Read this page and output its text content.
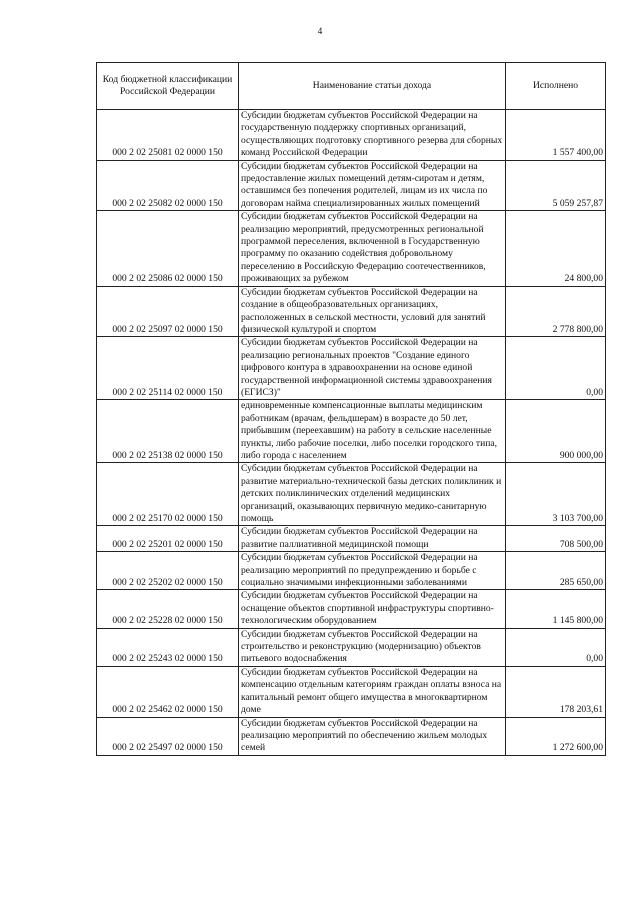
4
Код бюджетной классификации Российской Федерации	Наименование статьи дохода	Исполнено
000 2 02 25081 02 0000 150	Субсидии бюджетам субъектов Российской Федерации на государственную поддержку спортивных организаций, осуществляющих подготовку спортивного резерва для сборных команд Российской Федерации	1 557 400,00
000 2 02 25082 02 0000 150	Субсидии бюджетам субъектов Российской Федерации на предоставление жилых помещений детям-сиротам и детям, оставшимся без попечения родителей, лицам из их числа по договорам найма специализированных жилых помещений	5 059 257,87
000 2 02 25086 02 0000 150	Субсидии бюджетам субъектов Российской Федерации на реализацию мероприятий, предусмотренных региональной программой переселения, включенной в Государственную программу по оказанию содействия добровольному переселению в Российскую Федерацию соотечественников, проживающих за рубежом	24 800,00
000 2 02 25097 02 0000 150	Субсидии бюджетам субъектов Российской Федерации на создание в общеобразовательных организациях, расположенных в сельской местности, условий для занятий физической культурой и спортом	2 778 800,00
000 2 02 25114 02 0000 150	Субсидии бюджетам субъектов Российской Федерации на реализацию региональных проектов "Создание единого цифрового контура в здравоохранении на основе единой государственной информационной системы здравоохранения (ЕГИСЗ)"	0,00
000 2 02 25138 02 0000 150	единовременные компенсационные выплаты медицинским работникам (врачам, фельдшерам) в возрасте до 50 лет, прибывшим (переехавшим) на работу в сельские населенные пункты, либо рабочие поселки, либо поселки городского типа, либо города с населением	900 000,00
000 2 02 25170 02 0000 150	Субсидии бюджетам субъектов Российской Федерации на развитие материально-технической базы детских поликлиник и детских поликлинических отделений медицинских организаций, оказывающих первичную медико-санитарную помощь	3 103 700,00
000 2 02 25201 02 0000 150	Субсидии бюджетам субъектов Российской Федерации на развитие паллиативной медицинской помощи	708 500,00
000 2 02 25202 02 0000 150	Субсидии бюджетам субъектов Российской Федерации на реализацию мероприятий по предупреждению и борьбе с социально значимыми инфекционными заболеваниями	285 650,00
000 2 02 25228 02 0000 150	Субсидии бюджетам субъектов Российской Федерации на оснащение объектов спортивной инфраструктуры спортивно-технологическим оборудованием	1 145 800,00
000 2 02 25243 02 0000 150	Субсидии бюджетам субъектов Российской Федерации на строительство и реконструкцию (модернизацию) объектов питьевого водоснабжения	0,00
000 2 02 25462 02 0000 150	Субсидии бюджетам субъектов Российской Федерации на компенсацию отдельным категориям граждан оплаты взноса на капитальный ремонт общего имущества в многоквартирном доме	178 203,61
000 2 02 25497 02 0000 150	Субсидии бюджетам субъектов Российской Федерации на реализацию мероприятий по обеспечению жильем молодых семей	1 272 600,00
